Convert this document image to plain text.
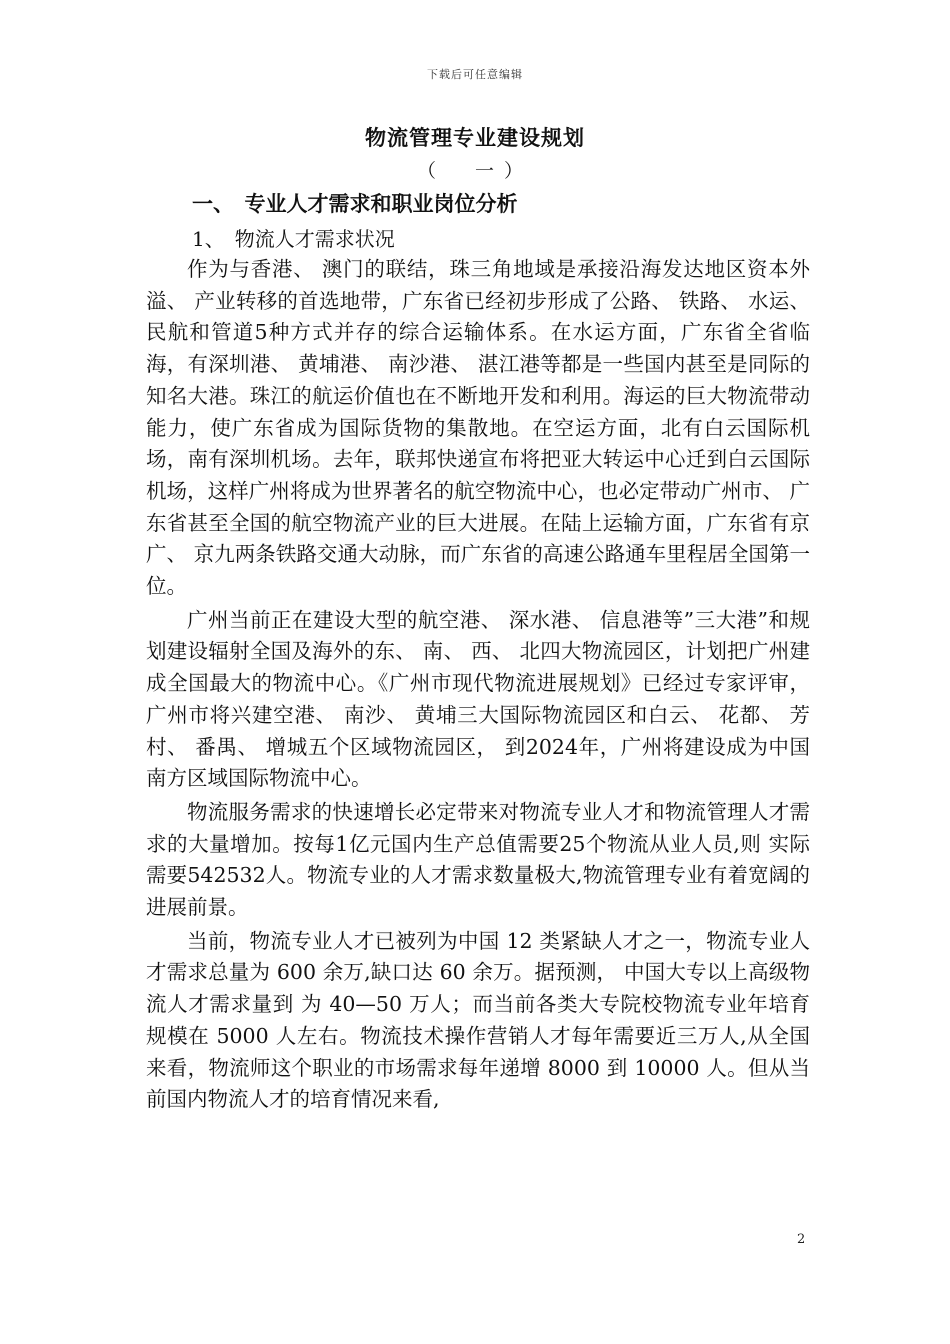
下载后可任意编辑
物流管理专业建设规划
（　一）
一、　专业人才需求和职业岗位分析
1、　物流人才需求状况

作为与香港、 澳门的联结，珠三角地域是承接沿海发达地区资本外溢、 产业转移的首选地带，广东省已经初步形成了公路、 铁路、 水运、 民航和管道5种方式并存的综合运输体系。在水运方面，广东省全省临海，有深圳港、 黄埔港、 南沙港、 湛江港等都是一些国内甚至是同际的知名大港。珠江的航运价值也在不断地开发和利用。海运的巨大物流带动能力，使广东省成为国际货物的集散地。在空运方面，北有白云国际机场，南有深圳机场。去年，联邦快递宣布将把亚大转运中心迁到白云国际机场，这样广州将成为世界著名的航空物流中心，也必定带动广州市、 广东省甚至全国的航空物流产业的巨大进展。在陆上运输方面，广东省有京广、 京九两条铁路交通大动脉，而广东省的高速公路通车里程居全国第一位。

广州当前正在建设大型的航空港、 深水港、 信息港等”三大港”和规划建设辐射全国及海外的东、 南、 西、 北四大物流园区，计划把广州建成全国最大的物流中心。《广州市现代物流进展规划》已经过专家评审，广州市将兴建空港、 南沙、 黄埔三大国际物流园区和白云、 花都、 芳村、 番禺、 增城五个区域物流园区， 到2024年，广州将建设成为中国南方区域国际物流中心。

物流服务需求的快速增长必定带来对物流专业人才和物流管理人才需求的大量增加。按每1亿元国内生产总值需要25个物流从业人员,则 实际需要542532人。物流专业的人才需求数量极大,物流管理专业有着宽阔的进展前景。

当前，物流专业人才已被列为中国 12 类紧缺人才之一，物流专业人才需求总量为 600 余万,缺口达 60 余万。据预测， 中国大专以上高级物流人才需求量到 为 40—50 万人；而当前各类大专院校物流专业年培育规模在 5000 人左右。物流技术操作营销人才每年需要近三万人,从全国来看，物流师这个职业的市场需求每年递增 8000 到 10000 人。但从当前国内物流人才的培育情况来看,

2
